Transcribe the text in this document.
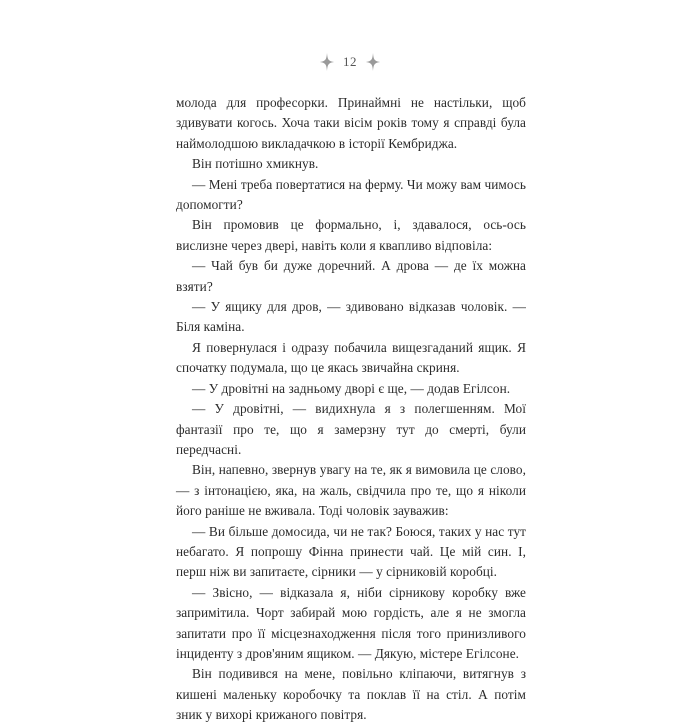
12

молода для професорки. Принаймні не настільки, щоб здивувати когось. Хоча таки вісім років тому я справді була наймолодшою викладачкою в історії Кембриджа.

Він потішно хмикнув.

— Мені треба повертатися на ферму. Чи можу вам чимось допомогти?

Він промовив це формально, і, здавалося, ось-ось вислизне через двері, навіть коли я квапливо відповіла:

— Чай був би дуже доречний. А дрова — де їх можна взяти?

— У ящику для дров, — здивовано відказав чоловік. — Біля каміна.

Я повернулася і одразу побачила вищезгаданий ящик. Я спочатку подумала, що це якась звичайна скриня.

— У дровітні на задньому дворі є ще, — додав Егілсон.

— У дровітні, — видихнула я з полегшенням. Мої фантазії про те, що я замерзну тут до смерті, були передчасні.

Він, напевно, звернув увагу на те, як я вимовила це слово, — з інтонацією, яка, на жаль, свідчила про те, що я ніколи його раніше не вживала. Тоді чоловік зауважив:

— Ви більше домосида, чи не так? Боюся, таких у нас тут небагато. Я попрошу Фінна принести чай. Це мій син. І, перш ніж ви запитаєте, сірники — у сірниковій коробці.

— Звісно, — відказала я, ніби сірникову коробку вже запримітила. Чорт забирай мою гордість, але я не змогла запитати про її місцезнаходження після того принизливого інциденту з дров'яним ящиком. — Дякую, містере Егілсоне.

Він подивився на мене, повільно кліпаючи, витягнув з кишені маленьку коробочку та поклав її на стіл. А потім зник у вихорі крижаного повітря.
